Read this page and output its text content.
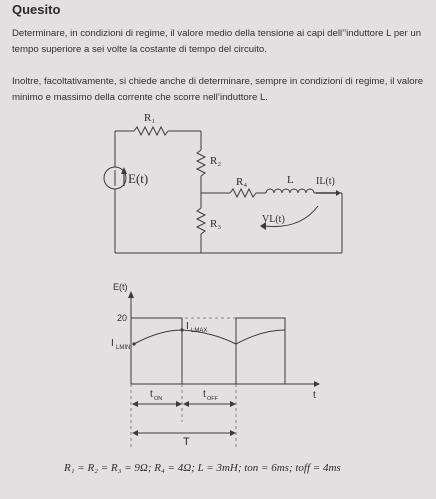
Quesito
Determinare, in condizioni di regime, il valore medio della tensione ai capi dell’’induttore L per un tempo superiore a sei volte la costante di tempo del circuito.
Inoltre, facoltativamente, si chiede anche di determinare, sempre in condizioni di regime, il valore minimo e massimo della corrente che scorre nell’induttore L.
R₁
R₂
R₃
R₄	L
E(t)	IL(t)
VL(t)
E(t)
t
20
I LMAX
I LMIN
t ON	t OFF
T
R₁ = R₂ = R₃ = 9Ω; R₄ = 4Ω; L = 3mH; ton = 6ms; toff = 4ms
